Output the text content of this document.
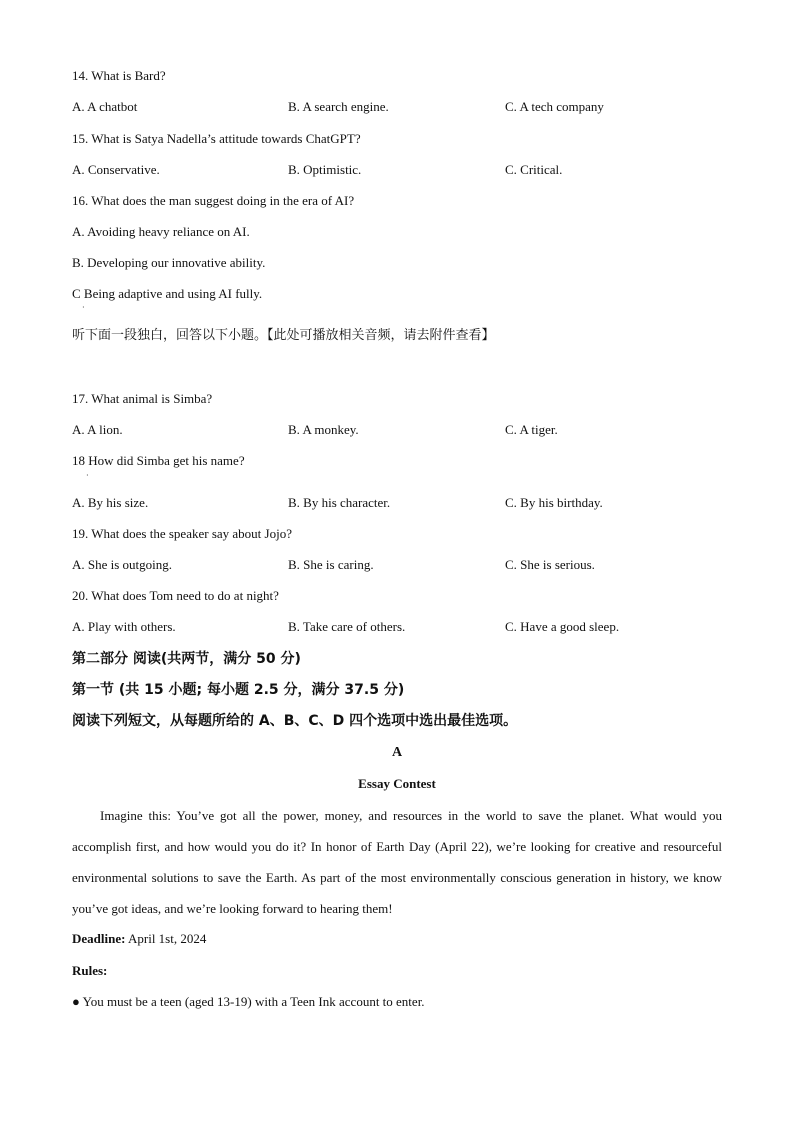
14. What is Bard?
A. A chatbot	B. A search engine.	C. A tech company
15. What is Satya Nadella’s attitude towards ChatGPT?
A. Conservative.	B. Optimistic.	C. Critical.
16. What does the man suggest doing in the era of AI?
A. Avoiding heavy reliance on AI.
B. Developing our innovative ability.
C Being adaptive and using AI fully.
·
听下面一段独白，回答以下小题。【此处可播放相关音频，请去附件查看】
17. What animal is Simba?
A. A lion.	B. A monkey.	C. A tiger.
18 How did Simba get his name?
·
A. By his size.	B. By his character.	C. By his birthday.
19. What does the speaker say about Jojo?
A. She is outgoing.	B. She is caring.	C. She is serious.
20. What does Tom need to do at night?
A. Play with others.	B. Take care of others.	C. Have a good sleep.
第二部分 阅读(共两节，满分 50 分)
第一节 (共 15 小题; 每小题 2.5 分，满分 37.5 分)
阅读下列短文，从每题所给的 A、B、C、D 四个选项中选出最佳选项。
A
Essay Contest
Imagine this: You’ve got all the power, money, and resources in the world to save the planet. What would you accomplish first, and how would you do it? In honor of Earth Day (April 22), we’re looking for creative and resourceful environmental solutions to save the Earth. As part of the most environmentally conscious generation in history, we know you’ve got ideas, and we’re looking forward to hearing them!
Deadline: April 1st, 2024
Rules:
● You must be a teen (aged 13-19) with a Teen Ink account to enter.
